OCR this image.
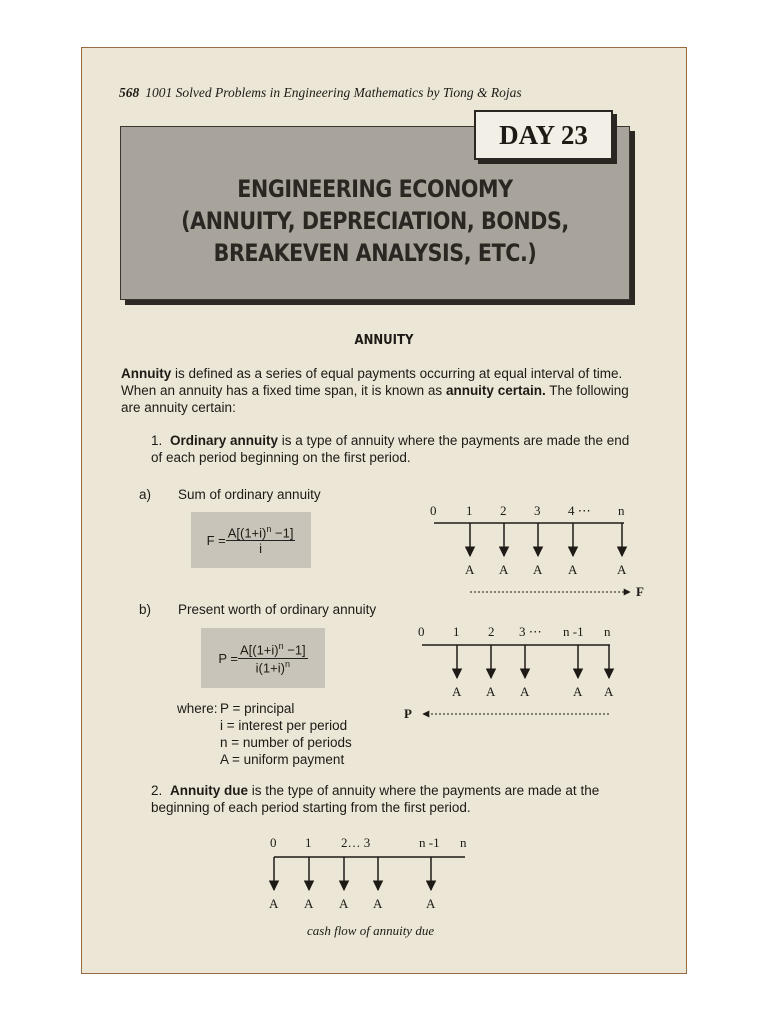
568 1001 Solved Problems in Engineering Mathematics by Tiong & Rojas
ENGINEERING ECONOMY
(ANNUITY, DEPRECIATION, BONDS,
BREAKEVEN ANALYSIS, ETC.)
DAY 23
ANNUITY
Annuity is defined as a series of equal payments occurring at equal interval of time. When an annuity has a fixed time span, it is known as annuity certain. The following are annuity certain:
1. Ordinary annuity is a type of annuity where the payments are made the end of each period beginning on the first period.
a) Sum of ordinary annuity
$F = \frac{A[(1+i)^n -1]}{i}$
b) Present worth of ordinary annuity
$P = \frac{A[(1+i)^n -1]}{i(1+i)^n}$
where:
P = principal
i = interest per period
n = number of periods
A = uniform payment
2. Annuity due is the type of annuity where the payments are made at the beginning of each period starting from the first period.
0 1 2 3 4 ⋯ n
A A A A	A
F
0 1 2 3 ⋯ n -1 n
A A A	A A
P
0 1 2… 3	n -1 n
A A A A	A
cash flow of annuity due
